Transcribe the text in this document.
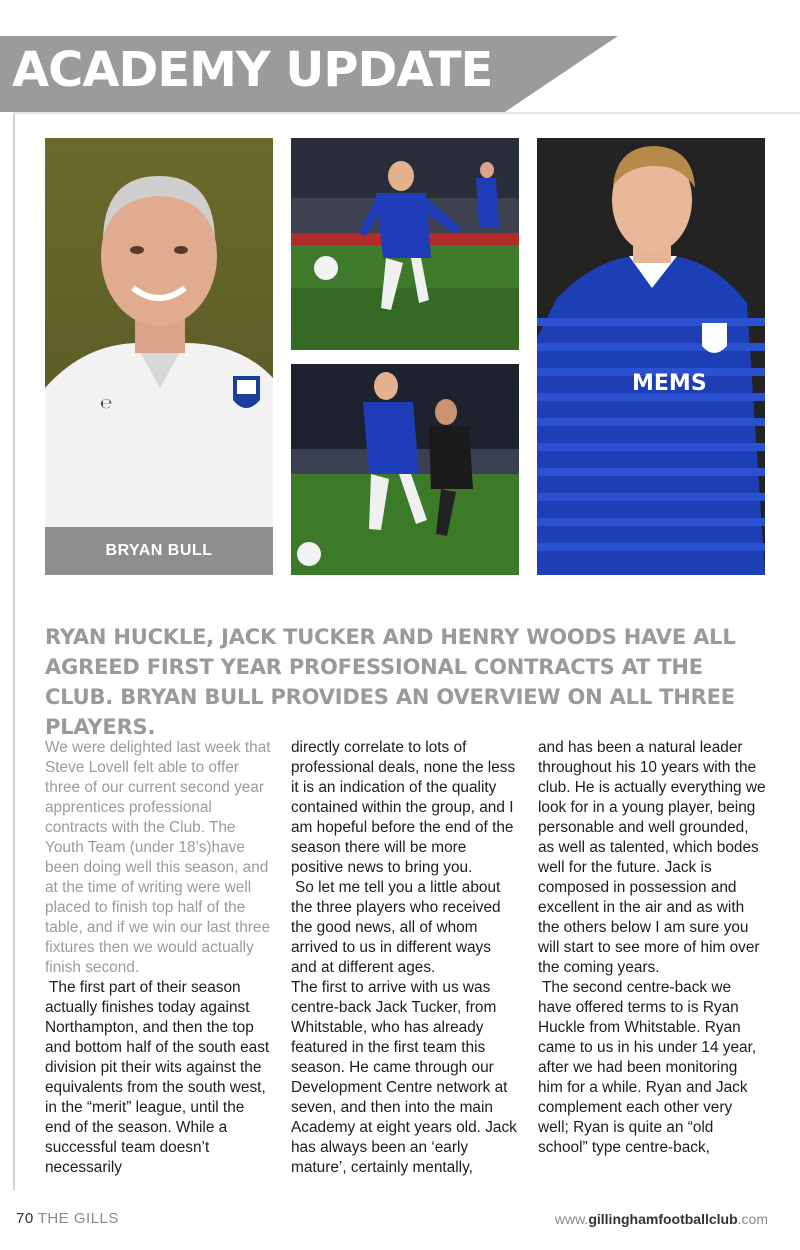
ACADEMY UPDATE
℮
BRYAN BULL
MEMS
RYAN HUCKLE, JACK TUCKER AND HENRY WOODS HAVE ALL AGREED FIRST YEAR PROFESSIONAL CONTRACTS AT THE CLUB. BRYAN BULL PROVIDES AN OVERVIEW ON ALL THREE PLAYERS.

We were delighted last week that Steve Lovell felt able to offer three of our current second year apprentices professional contracts with the Club. The Youth Team (under 18’s)have been doing well this season, and at the time of writing were well placed to finish top half of the table, and if we win our last three fixtures then we would actually finish second.

The first part of their season actually finishes today against Northampton, and then the top and bottom half of the south east division pit their wits against the equivalents from the south west, in the “merit” league, until the end of the season. While a successful team doesn’t necessarily

directly correlate to lots of professional deals, none the less it is an indication of the quality contained within the group, and I am hopeful before the end of the season there will be more positive news to bring you.

So let me tell you a little about the three players who received the good news, all of whom arrived to us in different ways and at different ages.

The first to arrive with us was centre-back Jack Tucker, from Whitstable, who has already featured in the first team this season. He came through our Development Centre network at seven, and then into the main Academy at eight years old. Jack has always been an ‘early mature’, certainly mentally,

and has been a natural leader throughout his 10 years with the club. He is actually everything we look for in a young player, being personable and well grounded, as well as talented, which bodes well for the future. Jack is composed in possession and excellent in the air and as with the others below I am sure you will start to see more of him over the coming years.

The second centre-back we have offered terms to is Ryan Huckle from Whitstable. Ryan came to us in his under 14 year, after we had been monitoring him for a while. Ryan and Jack complement each other very well; Ryan is quite an “old school” type centre-back,

70 THE GILLS	www.gillinghamfootballclub.com
